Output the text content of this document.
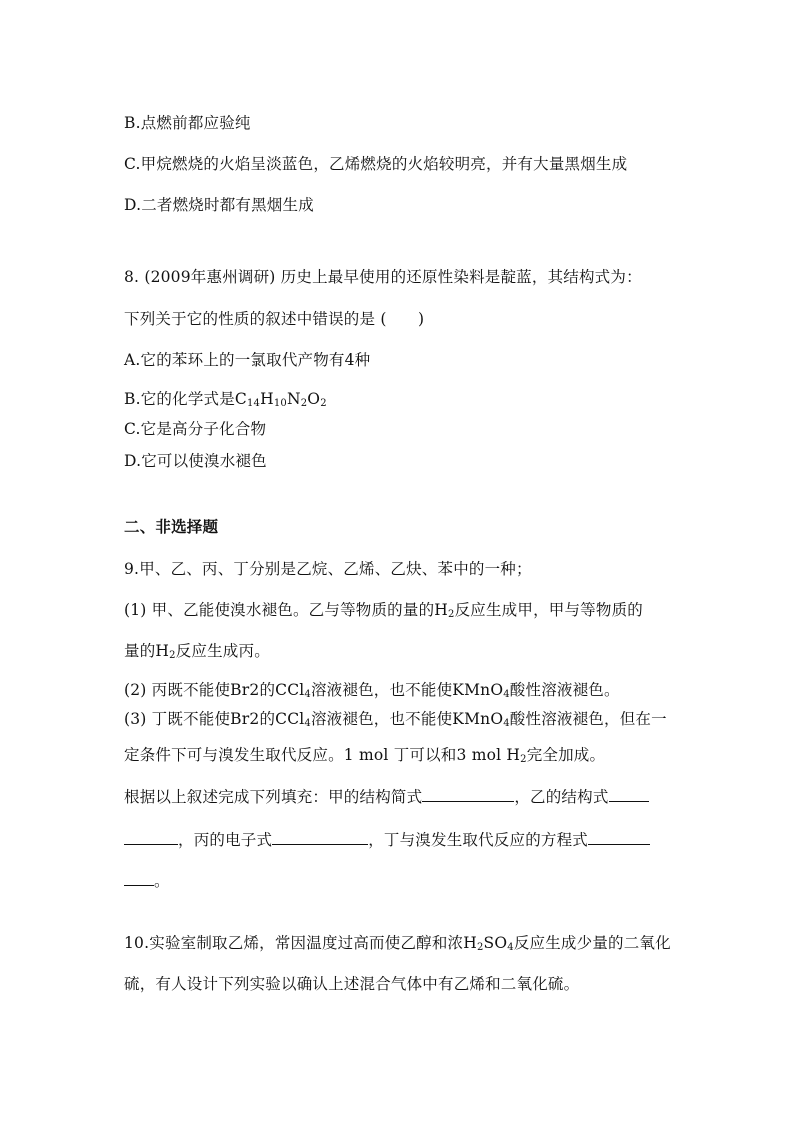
B.点燃前都应验纯
C.甲烷燃烧的火焰呈淡蓝色，乙烯燃烧的火焰较明亮，并有大量黑烟生成
D.二者燃烧时都有黑烟生成
8. (2009年惠州调研) 历史上最早使用的还原性染料是靛蓝，其结构式为：
下列关于它的性质的叙述中错误的是 (　　)
A.它的苯环上的一氯取代产物有4种
B.它的化学式是$C_{14}H_{10}N_2O_2$
C.它是高分子化合物
D.它可以使溴水褪色
二、非选择题
9.甲、乙、丙、丁分别是乙烷、乙烯、乙炔、苯中的一种；
(1) 甲、乙能使溴水褪色。乙与等物质的量的$H_2$反应生成甲，甲与等物质的
量的$H_2$反应生成丙。
(2) 丙既不能使Br2的CCl$_4$溶液褪色，也不能使KMnO$_4$酸性溶液褪色。
(3) 丁既不能使Br2的CCl$_4$溶液褪色，也不能使KMnO$_4$酸性溶液褪色，但在一
定条件下可与溴发生取代反应。1 mol 丁可以和3 mol $H_2$完全加成。
根据以上叙述完成下列填充：甲的结构简式	，乙的结构式
，丙的电子式	，丁与溴发生取代反应的方程式
。
10.实验室制取乙烯，常因温度过高而使乙醇和浓$H_2SO_4$反应生成少量的二氧化
硫，有人设计下列实验以确认上述混合气体中有乙烯和二氧化硫。
